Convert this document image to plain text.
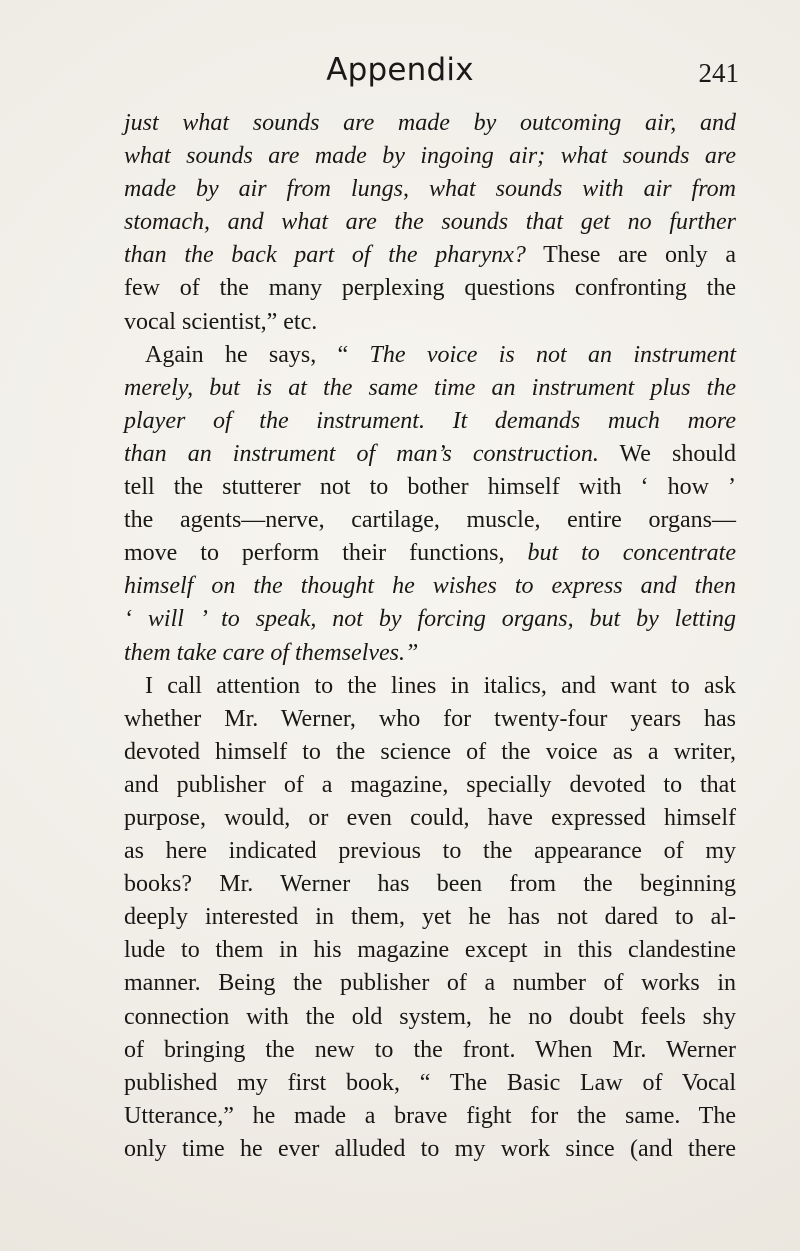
Appendix	241
just what sounds are made by outcoming air, and
what sounds are made by ingoing air; what sounds are
made by air from lungs, what sounds with air from
stomach, and what are the sounds that get no further
than the back part of the pharynx? These are only a
few of the many perplexing questions confronting the
vocal scientist,” etc.
Again he says, “ The voice is not an instrument
merely, but is at the same time an instrument plus the
player of the instrument. It demands much more
than an instrument of man’s construction. We should
tell the stutterer not to bother himself with ‘ how ’
the agents—nerve, cartilage, muscle, entire organs—
move to perform their functions, but to concentrate
himself on the thought he wishes to express and then
‘ will ’ to speak, not by forcing organs, but by letting
them take care of themselves.”
I call attention to the lines in italics, and want to ask
whether Mr. Werner, who for twenty-four years has
devoted himself to the science of the voice as a writer,
and publisher of a magazine, specially devoted to that
purpose, would, or even could, have expressed himself
as here indicated previous to the appearance of my
books? Mr. Werner has been from the beginning
deeply interested in them, yet he has not dared to al-
lude to them in his magazine except in this clandestine
manner. Being the publisher of a number of works in
connection with the old system, he no doubt feels shy
of bringing the new to the front. When Mr. Werner
published my first book, “ The Basic Law of Vocal
Utterance,” he made a brave fight for the same. The
only time he ever alluded to my work since (and there
